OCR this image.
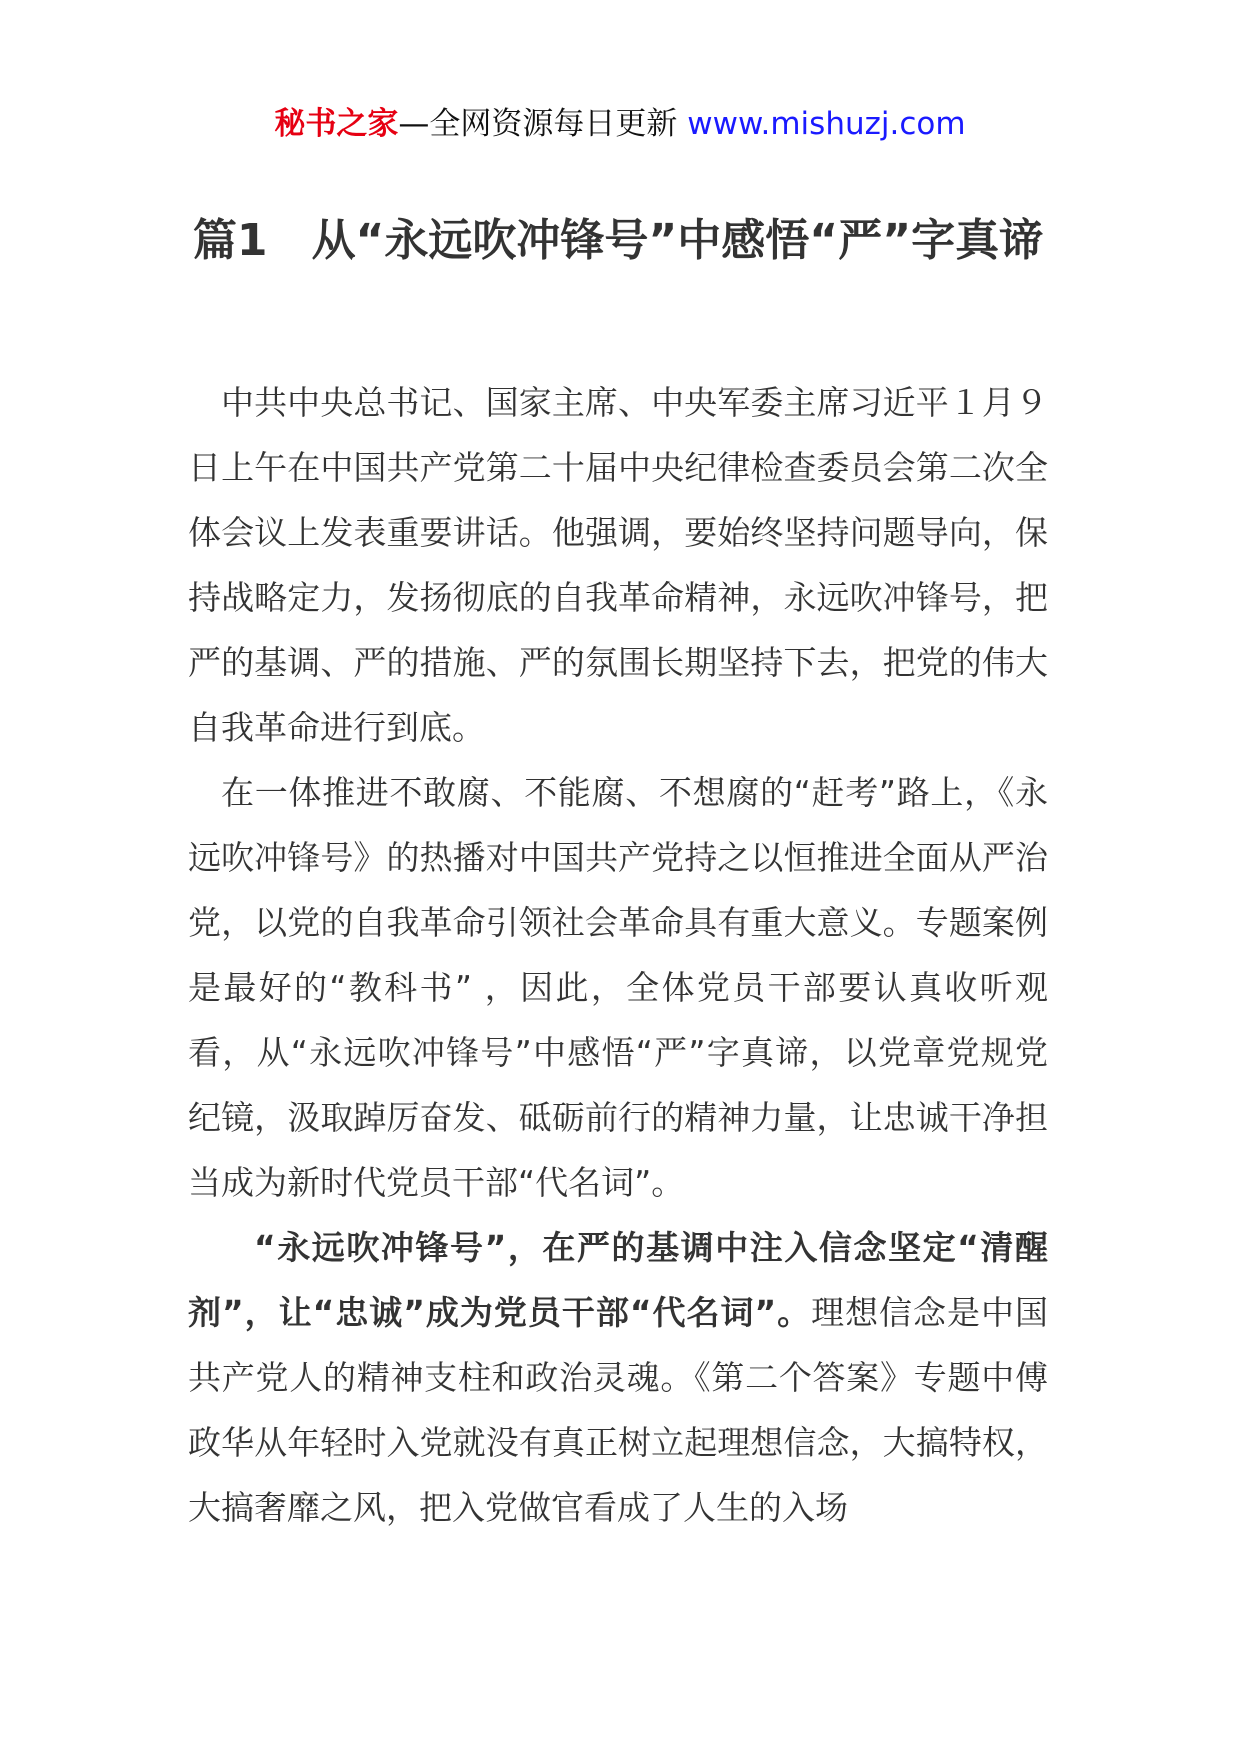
秘书之家—全网资源每日更新 www.mishuzj.com
篇1　从“永远吹冲锋号”中感悟“严”字真谛

中共中央总书记、国家主席、中央军委主席习近平１月９日上午在中国共产党第二十届中央纪律检查委员会第二次全体会议上发表重要讲话。他强调，要始终坚持问题导向，保持战略定力，发扬彻底的自我革命精神，永远吹冲锋号，把严的基调、严的措施、严的氛围长期坚持下去，把党的伟大自我革命进行到底。

在一体推进不敢腐、不能腐、不想腐的“赶考”路上，《永远吹冲锋号》的热播对中国共产党持之以恒推进全面从严治党，以党的自我革命引领社会革命具有重大意义。专题案例是最好的“教科书” ，因此，全体党员干部要认真收听观看，从“永远吹冲锋号”中感悟“严”字真谛，以党章党规党纪镜，汲取踔厉奋发、砥砺前行的精神力量，让忠诚干净担当成为新时代党员干部“代名词”。

“永远吹冲锋号”，在严的基调中注入信念坚定“清醒剂”，让“忠诚”成为党员干部“代名词”。理想信念是中国共产党人的精神支柱和政治灵魂。《第二个答案》专题中傅政华从年轻时入党就没有真正树立起理想信念，大搞特权，大搞奢靡之风，把入党做官看成了人生的入场
